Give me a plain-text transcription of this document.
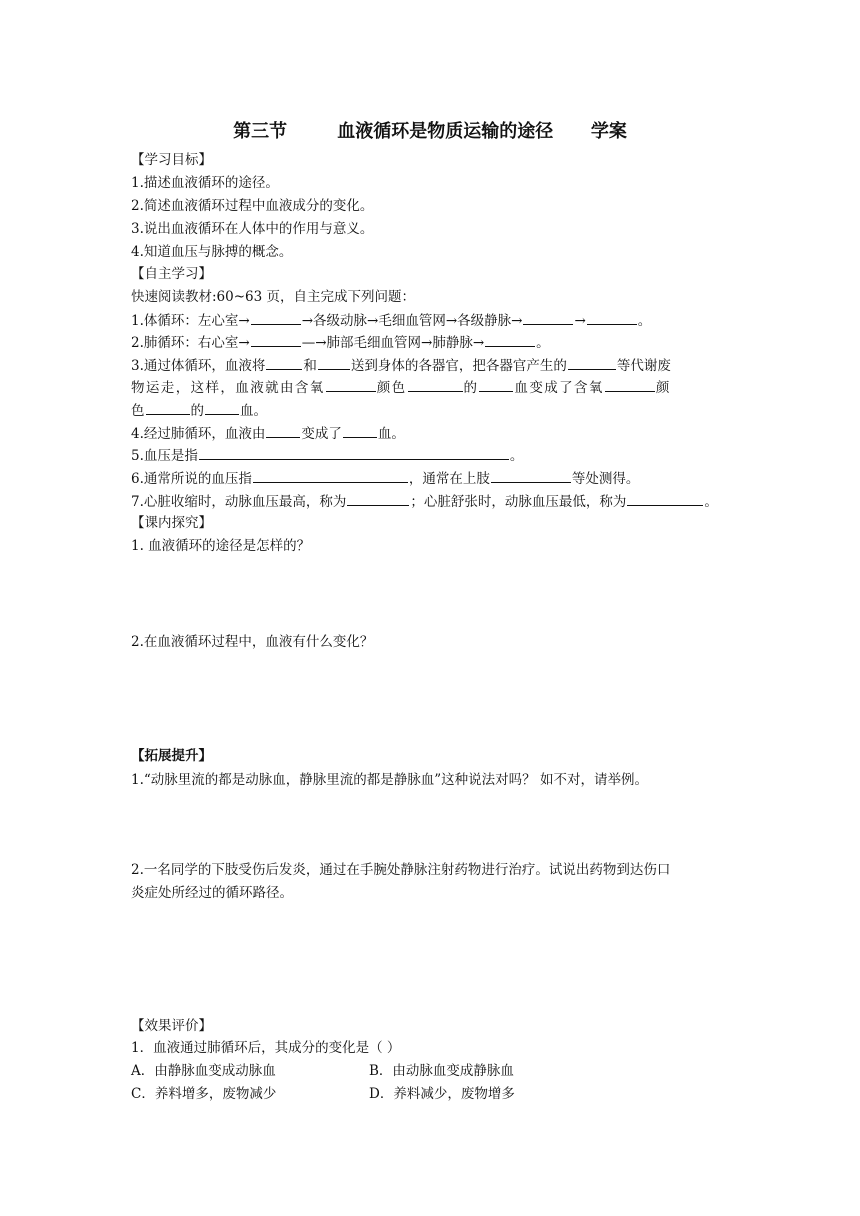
第三节	血液循环是物质运输的途径 学案
【学习目标】
1.描述血液循环的途径。
2.简述血液循环过程中血液成分的变化。
3.说出血液循环在人体中的作用与意义。
4.知道血压与脉搏的概念。
【自主学习】
快速阅读教材:60~63 页，自主完成下列问题：
1.体循环：左心室→	→各级动脉→毛细血管网→各级静脉→	→	。
2.肺循环：右心室→	—→肺部毛细血管网→肺静脉→	。
3.通过体循环，血液将	和	送到身体的各器官，把各器官产生的	等代谢废
物运走，这样，血液就由含氧	颜色	的	血变成了含氧	颜
色	的	血。
4.经过肺循环，血液由	变成了	血。
5.血压是指	。
6.通常所说的血压指	，通常在上肢	等处测得。
7.心脏收缩时，动脉血压最高，称为	；心脏舒张时，动脉血压最低，称为	。
【课内探究】
1. 血液循环的途径是怎样的？
2.在血液循环过程中，血液有什么变化？
【拓展提升】
1.“动脉里流的都是动脉血，静脉里流的都是静脉血”这种说法对吗？ 如不对，请举例。
2.一名同学的下肢受伤后发炎，通过在手腕处静脉注射药物进行治疗。试说出药物到达伤口
炎症处所经过的循环路径。
【效果评价】
1．血液通过肺循环后，其成分的变化是（ ）
A．由静脉血变成动脉血	B．由动脉血变成静脉血
C．养料增多，废物减少	D．养料减少，废物增多
